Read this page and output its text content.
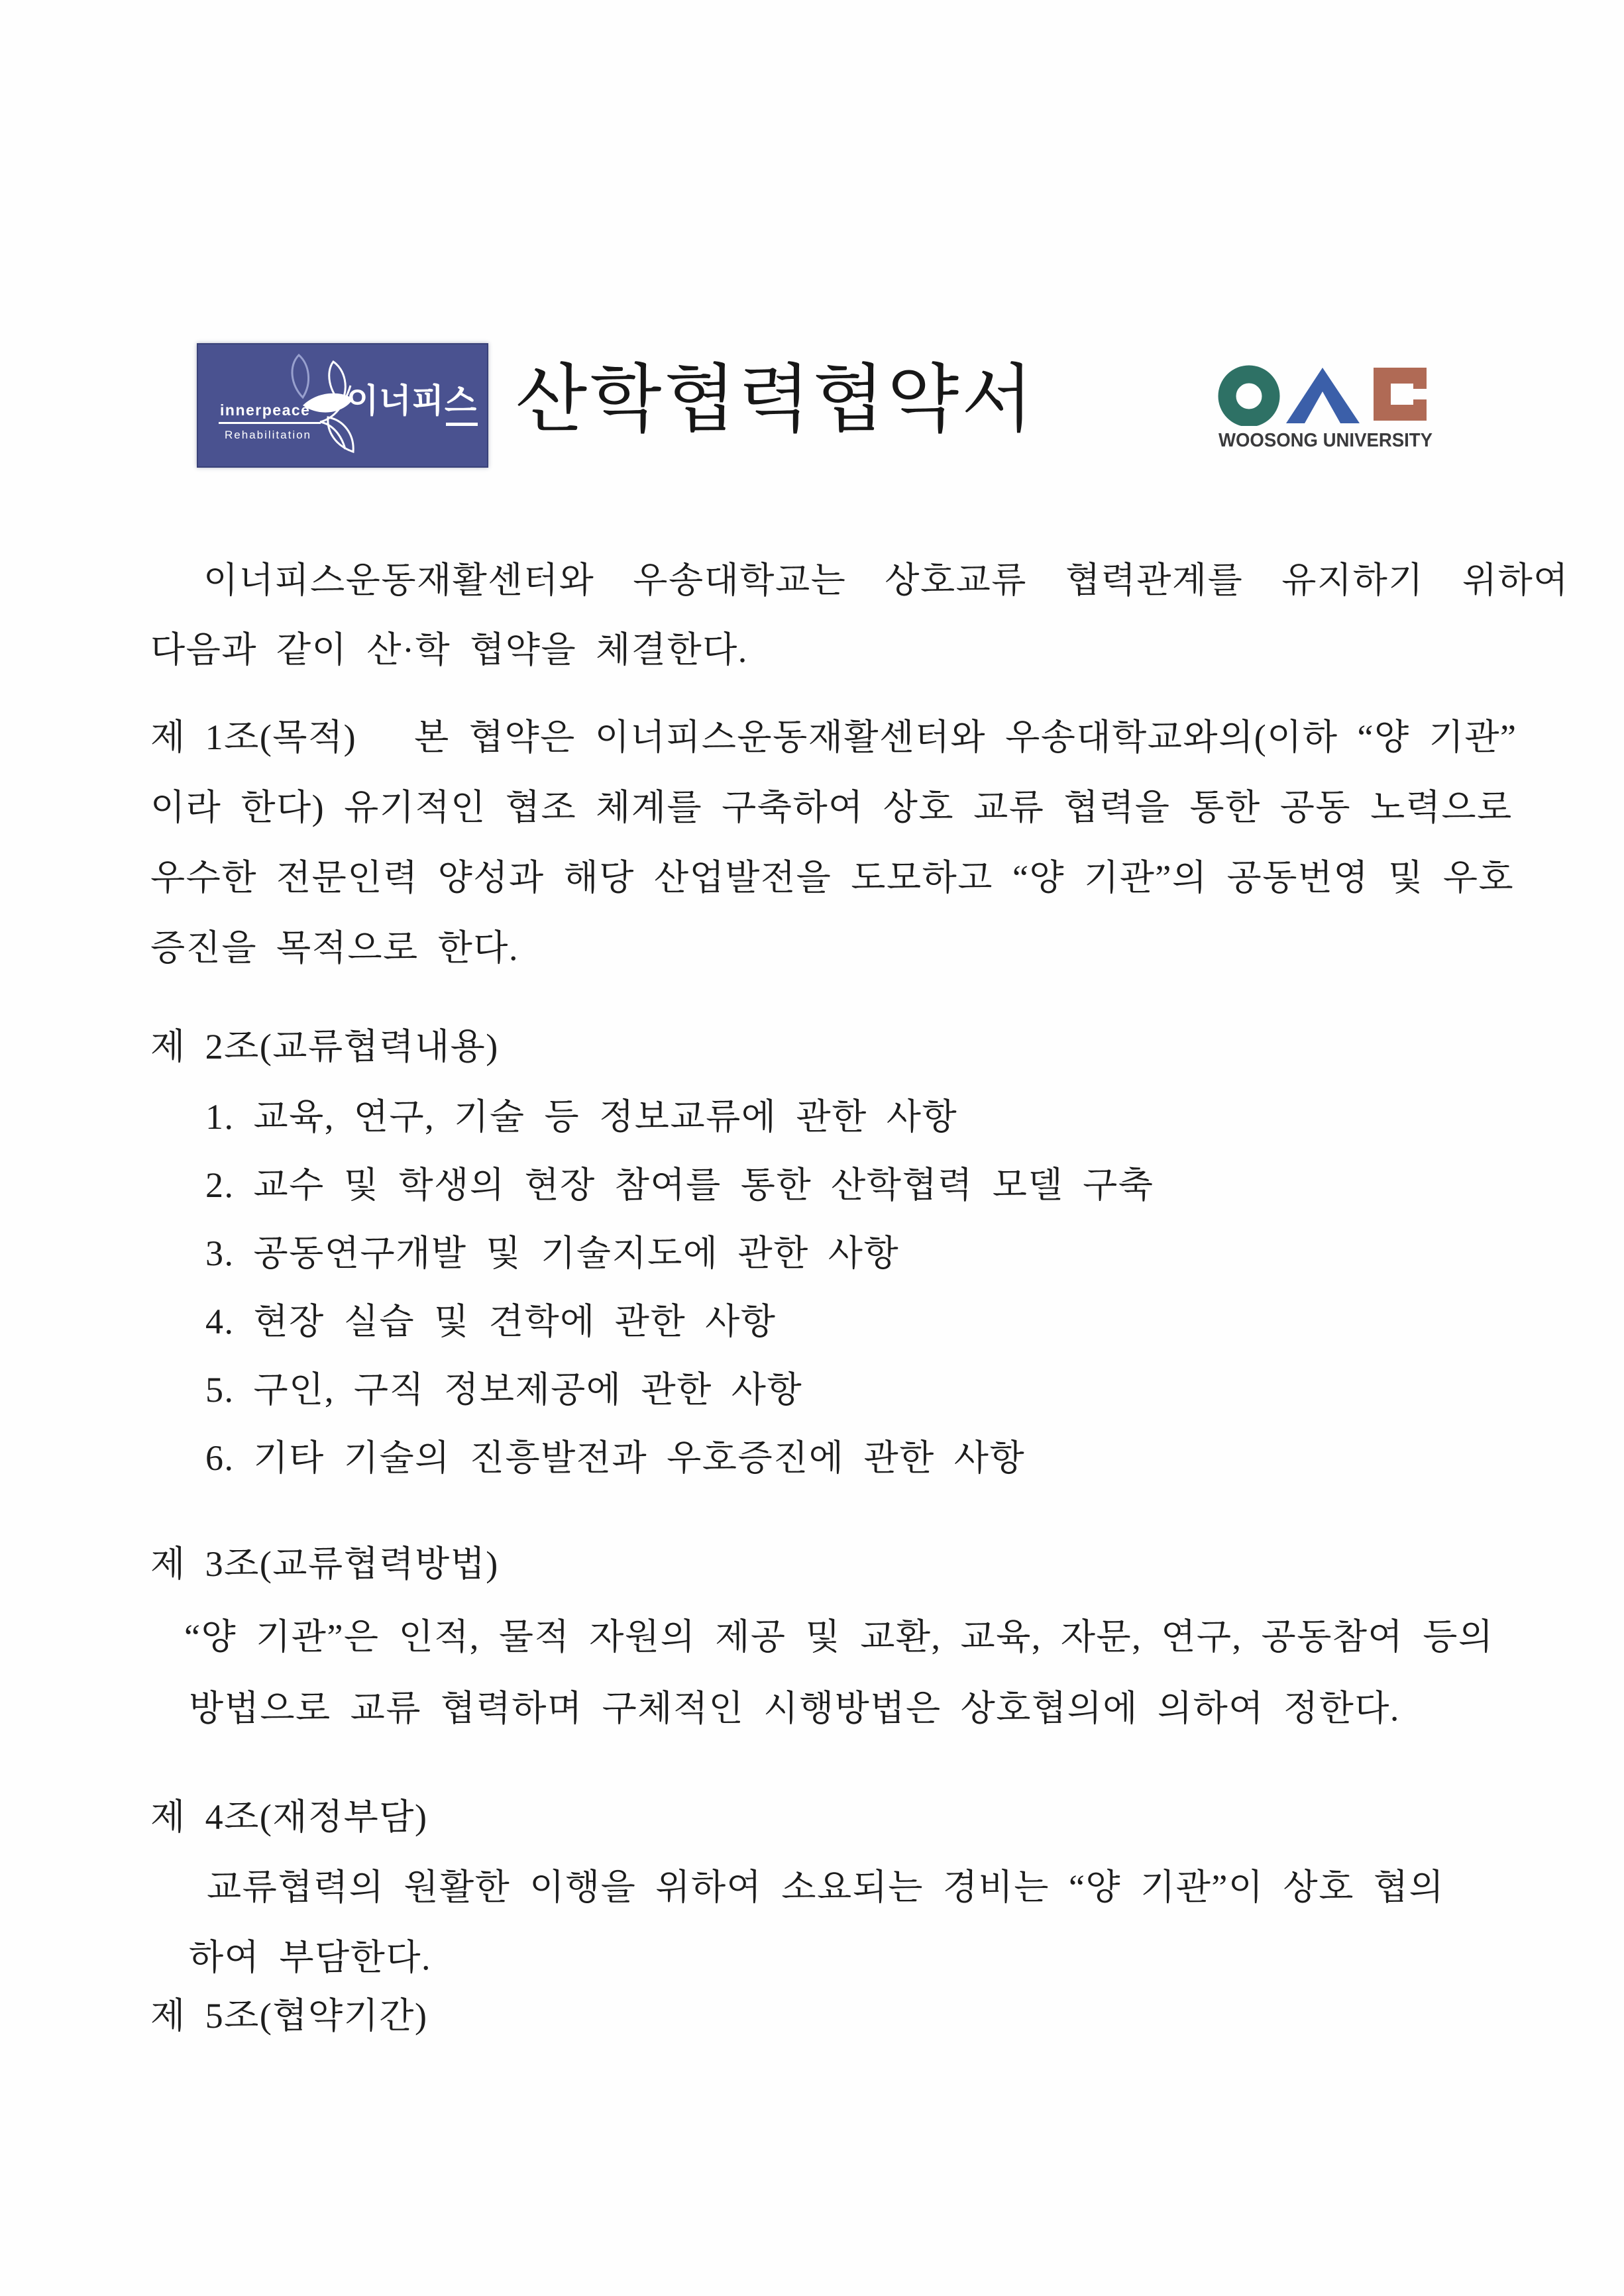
innerpeace
Rehabilitation
이너피스 산 학 협 력 협 약 서	WOOSONG UNIVERSITY
이너피스운동재활센터와  우송대학교는  상호교류  협력관계를  유지하기  위하여
다음과 같이 산·학 협약을 체결한다.
제 1조(목적)   본 협약은 이너피스운동재활센터와 우송대학교와의(이하 “양 기관”
이라 한다) 유기적인 협조 체계를 구축하여 상호 교류 협력을 통한 공동 노력으로
우수한 전문인력 양성과 해당 산업발전을 도모하고 “양 기관”의 공동번영 및 우호
증진을 목적으로 한다.
제 2조(교류협력내용)
1. 교육, 연구, 기술 등 정보교류에 관한 사항
2. 교수 및 학생의 현장 참여를 통한 산학협력 모델 구축
3. 공동연구개발 및 기술지도에 관한 사항
4. 현장 실습 및 견학에 관한 사항
5. 구인, 구직 정보제공에 관한 사항
6. 기타 기술의 진흥발전과 우호증진에 관한 사항
제 3조(교류협력방법)
“양 기관”은 인적, 물적 자원의 제공 및 교환, 교육, 자문, 연구, 공동참여 등의
방법으로 교류 협력하며 구체적인 시행방법은 상호협의에 의하여 정한다.
제 4조(재정부담)
교류협력의 원활한 이행을 위하여 소요되는 경비는 “양 기관”이 상호 협의
하여 부담한다.
제 5조(협약기간)
